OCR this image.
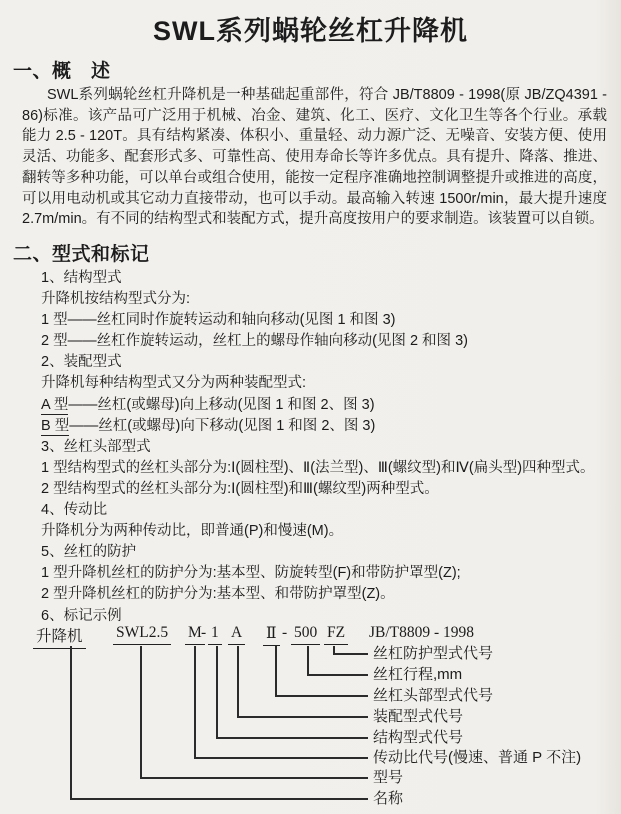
SWL系列蜗轮丝杠升降机
一、概　述
SWL系列蜗轮丝杠升降机是一种基础起重部件，符合 JB/T8809 - 1998(原 JB/ZQ4391 - 86)标准。该产品可广泛用于机械、冶金、建筑、化工、医疗、文化卫生等各个行业。承载能力 2.5 - 120T。具有结构紧凑、体积小、重量轻、动力源广泛、无噪音、安装方便、使用灵活、功能多、配套形式多、可靠性高、使用寿命长等许多优点。具有提升、降落、推进、翻转等多种功能，可以单台或组合使用，能按一定程序准确地控制调整提升或推进的高度，可以用电动机或其它动力直接带动，也可以手动。最高输入转速 1500r/min，最大提升速度 2.7m/min。有不同的结构型式和装配方式，提升高度按用户的要求制造。该装置可以自锁。
二、型式和标记
1、结构型式
升降机按结构型式分为:
1 型——丝杠同时作旋转运动和轴向移动(见图 1 和图 3)
2 型——丝杠作旋转运动，丝杠上的螺母作轴向移动(见图 2 和图 3)
2、装配型式
升降机每种结构型式又分为两种装配型式:
A 型——丝杠(或螺母)向上移动(见图 1 和图 2、图 3)
B 型——丝杠(或螺母)向下移动(见图 1 和图 2、图 3)
3、丝杠头部型式
1 型结构型式的丝杠头部分为:Ⅰ(圆柱型)、Ⅱ(法兰型)、Ⅲ(螺纹型)和Ⅳ(扁头型)四种型式。
2 型结构型式的丝杠头部分为:Ⅰ(圆柱型)和Ⅲ(螺纹型)两种型式。
4、传动比
升降机分为两种传动比，即普通(P)和慢速(M)。
5、丝杠的防护
1 型升降机丝杠的防护分为:基本型、防旋转型(F)和带防护罩型(Z);
2 型升降机丝杠的防护分为:基本型、和带防护罩型(Z)。
6、标记示例
升降机 SWL2.5 M - 1 A Ⅱ - 500 FZ JB/T8809 - 1998
丝杠防护型式代号
丝杠行程,mm
丝杠头部型式代号
装配型式代号
结构型式代号
传动比代号(慢速、普通 P 不注)
型号
名称
